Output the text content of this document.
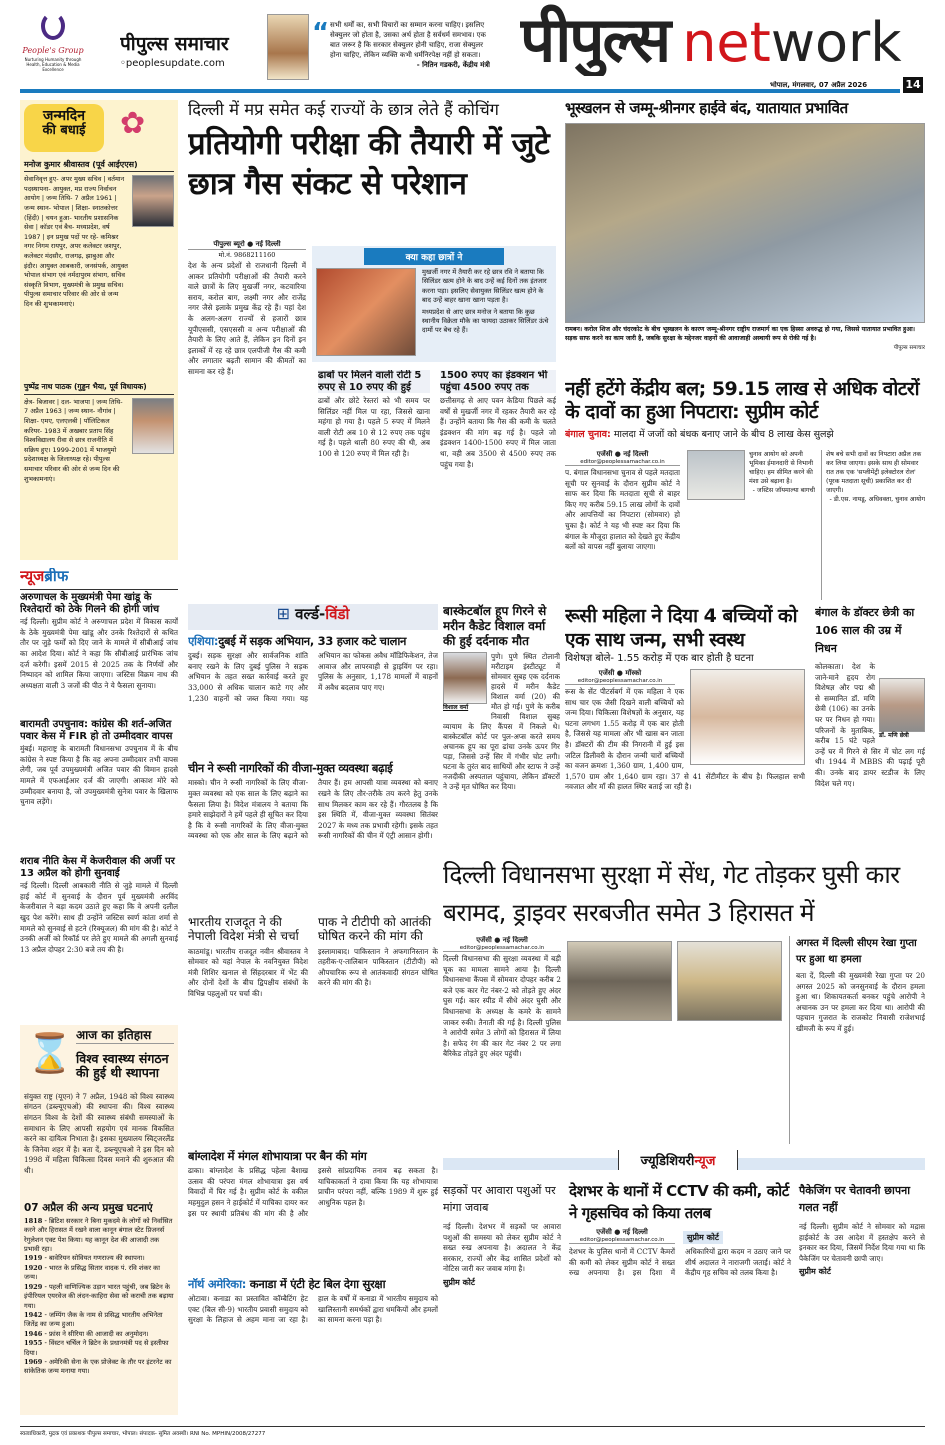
People's Group
Nurturing Humanity through Health, Education & Media Excellence
पीपुल्स समाचार
◦peoplesupdate.com
“ सभी धर्मों का, सभी विचारों का सम्मान करना चाहिए। इसलिए सेक्युलर जो होता है, उसका अर्थ होता है सर्वधर्म समभाव। एक बात जरूर है कि सरकार सेक्युलर होनी चाहिए, राजा सेक्युलर होना चाहिए, लेकिन व्यक्ति कभी धर्मनिरपेक्ष नहीं हो सकता।
- नितिन गडकरी, केंद्रीय मंत्री पीपुल्स network
भोपाल, मंगलवार, 07 अप्रैल 2026	14
जन्मदिन
की बधाई	✿
मनोज कुमार श्रीवास्तव (पूर्व आईएएस)
सेवानिवृत्त हुए- अपर मुख्य सचिव | वर्तमान पदस्थापना- आयुक्त, मप्र राज्य निर्वाचन आयोग | जन्म तिथि- 7 अप्रैल 1961 | जन्म स्थान- भोपाल | शिक्षा- स्नातकोत्तर (हिंदी) | चयन हुआ- भारतीय प्रशासनिक सेवा | कॉडर एवं बैच- मध्यप्रदेश, वर्ष 1987 | इन प्रमुख पदों पर रहे- कमिश्नर नगर निगम रायपुर, अपर कलेक्टर जशपुर, कलेक्टर मंदसौर, राजगढ़, झाबुआ और इंदौर। आयुक्त आबकारी, जनसंपर्क, आयुक्त भोपाल संभाग एवं नर्मदापुरम संभाग, सचिव संस्कृति विभाग, मुख्यमंत्री के प्रमुख सचिव। पीपुल्स समाचार परिवार की ओर से जन्म दिन की शुभकामनाएं।
पुष्पेंद्र नाथ पाठक (गुड्डन भैया, पूर्व विधायक)
क्षेत्र- बिजावर | दल- भाजपा | जन्म तिथि- 7 अप्रैल 1963 | जन्म स्थान- नौगांव | शिक्षा- एमए, एलएलबी | पॉलिटिकल करियर- 1983 में अखबार प्रताप सिंह विश्वविद्यालय रीवा से छात्र राजनीति में सक्रिय हुए। 1999-2001 में भाजयुमो प्रदेशाध्यक्ष के जिलाध्यक्ष रहे। पीपुल्स समाचार परिवार की ओर से जन्म दिन की शुभकामनाएं।
न्यूजब्रीफ
अरुणाचल के मुख्यमंत्री पेमा खांडू के रिश्तेदारों को ठेके गिलने की होगी जांच
नई दिल्ली। सुप्रीम कोर्ट ने अरुणाचल प्रदेश में विकास कार्यों के ठेके मुख्यमंत्री पेमा खांडू और उनके रिश्तेदारों से कथित तौर पर जुड़े फर्मों को दिए जाने के मामले में सीबीआई जांच का आदेश दिया। कोर्ट ने कहा कि सीबीआई प्रारंभिक जांच दर्ज करेगी। इसमें 2015 से 2025 तक के निर्णयों और निष्पादन को शामिल किया जाएगा। जस्टिस विक्रम नाथ की अध्यक्षता वाली 3 जजों की पीठ ने ये फैसला सुनाया।
बारामती उपचुनाव: कांग्रेस की शर्त-अजित पवार केस में FIR हो तो उम्मीदवार वापस
मुंबई। महाराष्ट्र के बारामती विधानसभा उपचुनाव में के बीच कांग्रेस ने स्पष्ट किया है कि वह अपना उम्मीदवार तभी वापस लेगी, जब पूर्व उपमुख्यमंत्री अजित पवार की विमान हादसे मामले में एफआईआर दर्ज की जाएगी। आकाश मोरे को उम्मीदवार बनाया है, जो उपमुख्यमंत्री सुनेत्रा पवार के खिलाफ चुनाव लड़ेंगे।
शराब नीति केस में केजरीवाल की अर्जी पर 13 अप्रैल को होगी सुनवाई
नई दिल्ली। दिल्ली आबकारी नीति से जुड़े मामले में दिल्ली हाई कोर्ट में सुनवाई के दौरान पूर्व मुख्यमंत्री अरविंद केजरीवाल ने बड़ा कदम उठाते हुए कहा कि वे अपनी दलील खुद पेश करेंगे। साथ ही उन्होंने जस्टिस स्वर्ण कांता शर्मा से मामले को सुनवाई से हटने (रिक्यूजल) की मांग की है। कोर्ट ने उनकी अर्जी को रिकॉर्ड पर लेते हुए मामले की अगली सुनवाई 13 अप्रैल दोपहर 2:30 बजे तय की है।
⌛ आज का इतिहास
विश्व स्वास्थ्य संगठन की हुई थी स्थापना
संयुक्त राष्ट्र (यूएन) ने 7 अप्रैल, 1948 को विश्व स्वास्थ्य संगठन (डब्ल्यूएचओ) की स्थापना की। विश्व स्वास्थ्य संगठन विश्व के देशों की स्वास्थ्य संबंधी समस्याओं के समाधान के लिए आपसी सहयोग एवं मानक विकसित करने का दायित्व निभाता है। इसका मुख्यालय स्विट्जरलैंड के जिनेवा शहर में है। बता दें, डब्ल्यूएचओ ने इस दिन को 1998 में महिला चिकित्सा दिवस मनाने की शुरुआत की थी।
07 अप्रैल की अन्य प्रमुख घटनाएं
1818 - ब्रिटिश सरकार ने बिना मुकदमे के लोगों को निर्वासित करने और हिरासत में रखने वाला कानून बंगाल स्टेट प्रिजनर्स रेगुलेशन एक्ट पेश किया। यह कानून देश की आजादी तक प्रभावी रहा।
1919 - बावेरियन सोवियत गणराज्य की स्थापना।
1920 - भारत के प्रसिद्ध सितार वादक पं. रवि शंकर का जन्म।
1929 - पहली वाणिज्यिक उड़ान भारत पहुंची, जब ब्रिटेन के इंपीरियल एयरवेज की लंदन-काहिरा सेवा को कराची तक बढ़ाया गया।
1942 - जम्पिंग जैक के नाम से प्रसिद्ध भारतीय अभिनेता जितेंद्र का जन्म हुआ।
1946 - फ्रांस ने सीरिया की आजादी का अनुमोदन।
1955 - विंस्टन चर्चिल ने ब्रिटेन के प्रधानमंत्री पद से इस्तीफा दिया।
1969 - अमेरिकी सेना के एक प्रोजेक्ट के तौर पर इंटरनेट का सांकेतिक जन्म मनाया गया।
दिल्ली में मप्र समेत कई राज्यों के छात्र लेते हैं कोचिंग
प्रतियोगी परीक्षा की तैयारी में जुटे छात्र गैस संकट से परेशान
पीपुल्स ब्यूरो ● नई दिल्ली
मो.नं. 9868211160
देश के अन्य प्रदेशों से राजधानी दिल्ली में आकर प्रतियोगी परीक्षाओं की तैयारी करने वाले छात्रों के लिए मुखर्जी नगर, कटवारिया सराय, करोल बाग, लक्ष्मी नगर और राजेंद्र नगर जैसे इलाके प्रमुख केंद्र रहे हैं। यहां देश के अलग-अलग राज्यों से हजारों छात्र यूपीएससी, एसएससी व अन्य परीक्षाओं की तैयारी के लिए आते हैं, लेकिन इन दिनों इन इलाकों में रह रहे छात्र एलपीजी गैस की कमी और लगातार बढ़ती सामान की कीमतों का सामना कर रहे हैं।
क्या कहा छात्रों ने
मुखर्जी नगर में तैयारी कर रहे छात्र रवि ने बताया कि सिलिंडर खत्म होने के बाद उन्हें कई दिनों तक इंतजार करना पड़ा। इसलिए सेवायुक्त सिलिंडर खत्म होने के बाद उन्हें बाहर खाना खाना पड़ता है।
मध्यप्रदेश से आए छात्र मनोज ने बताया कि कुछ स्थानीय विक्रेता मौके का फायदा उठाकर सिलिंडर ऊंचे दामों पर बेच रहे हैं।
ढाबों पर मिलने वाली रोटी 5 रुपए से 10 रुपए की हुई
ढाबों और छोटे रेस्तरां को भी समय पर सिलिंडर नहीं मिल पा रहा, जिससे खाना महंगा हो गया है। पहले 5 रुपए में मिलने वाली रोटी अब 10 से 12 रुपए तक पहुंच गई है। पहले थाली 80 रुपए की थी, अब 100 से 120 रुपए में मिल रही है।
1500 रुपए का इंडक्शन भी पहुंचा 4500 रुपए तक
छत्तीसगढ़ से आए पवन केडिया पिछले कई वर्षों से मुखर्जी नगर में रहकर तैयारी कर रहे हैं। उन्होंने बताया कि गैस की कमी के चलते इंडक्शन की मांग बढ़ गई है। पहले जो इंडक्शन 1400-1500 रुपए में मिल जाता था, वही अब 3500 से 4500 रुपए तक पहुंच गया है।
भूस्खलन से जम्मू-श्रीनगर हाईवे बंद, यातायात प्रभावित
रामबन। करोल शिज और चंदरकोट के बीच भूस्खलन के कारण जम्मू-श्रीनगर राष्ट्रीय राजमार्ग का एक हिस्सा अवरुद्ध हो गया, जिससे यातायात प्रभावित हुआ। सड़क साफ करने का काम जारी है, जबकि सुरक्षा के मद्देनजर वाहनों की आवाजाही अस्थायी रूप से रोकी गई है।
पीपुल्स समाचार
नहीं हटेंगे केंद्रीय बल; 59.15 लाख से अधिक वोटरों के दावों का हुआ निपटारा: सुप्रीम कोर्ट
बंगाल चुनाव: मालदा में जजों को बंधक बनाए जाने के बीच 8 लाख केस सुलझे
एजेंसी ● नई दिल्ली
editor@peoplessamachar.co.in
प. बंगाल विधानसभा चुनाव से पहले मतदाता सूची पर सुनवाई के दौरान सुप्रीम कोर्ट ने साफ कर दिया कि मतदाता सूची से बाहर किए गए करीब 59.15 लाख लोगों के दावों और आपत्तियों का निपटारा (सोमवार) हो चुका है। कोर्ट ने यह भी स्पष्ट कर दिया कि बंगाल के मौजूदा हालात को देखते हुए केंद्रीय बलों को वापस नहीं बुलाया जाएगा।
चुनाव आयोग को अपनी भूमिका ईमानदारी से निभानी चाहिए। हम सीमित करने की मंशा उसे बढ़ाना है।
- जस्टिस जॉयमाल्या बागची
शेष बचे सभी दावों का निपटारा अप्रैल तक कर लिया जाएगा। इसके साथ ही सोमवार रात तक एक 'सप्लीमेंट्री इलेक्टोरल रोल' (पूरक मतदाता सूची) प्रकाशित कर दी जाएगी।
- डी.एस. नायडू, अधिवक्ता, चुनाव आयोग
⊞ वर्ल्ड-विंडो
एशिया:दुबई में सड़क अभियान, 33 हजार कटे चालान
दुबई। सड़क सुरक्षा और सार्वजनिक शांति बनाए रखने के लिए दुबई पुलिस ने सड़क अभियान के तहत सख्त कार्रवाई करते हुए 33,000 से अधिक चालान काटे गए और 1,230 वाहनों को जब्त किया गया। यह अभियान का फोकस अवैध मॉडिफिकेशन, तेज आवाज और लापरवाही से ड्राइविंग पर रहा। पुलिस के अनुसार, 1,178 मामलों में वाहनों में अवैध बदलाव पाए गए।
चीन ने रूसी नागरिकों की वीजा-मुक्त व्यवस्था बढ़ाई
मास्को। चीन ने रूसी नागरिकों के लिए वीजा-मुक्त व्यवस्था को एक साल के लिए बढ़ाने का फैसला लिया है। विदेश मंत्रालय ने बताया कि हमारे साझेदारों ने हमें पहले ही सूचित कर दिया है कि वे रूसी नागरिकों के लिए वीजा-मुक्त व्यवस्था को एक और साल के लिए बढ़ाने को तैयार हैं। हम आपसी यात्रा व्यवस्था को बनाए रखने के लिए तौर-तरीके तय करने हेतु उनके साथ मिलकर काम कर रहे हैं। गौरतलब है कि इस स्थिति में, वीजा-मुक्त व्यवस्था सितंबर 2027 के मध्य तक प्रभावी रहेगी। इसके तहत रूसी नागरिकों की चीन में एंट्री आसान होगी।
भारतीय राजदूत ने की नेपाली विदेश मंत्री से चर्चा
काठमांडू। भारतीय राजदूत नवीन श्रीवास्तव ने सोमवार को यहां नेपाल के नवनियुक्त विदेश मंत्री शिशिर खनाल से सिंहदरबार में भेंट की और दोनों देशों के बीच द्विपक्षीय संबंधों के विभिन्न पहलुओं पर चर्चा की।
पाक ने टीटीपी को आतंकी घोषित करने की मांग की
इस्लामाबाद। पाकिस्तान ने अफगानिस्तान के तहरीक-ए-तालिबान पाकिस्तान (टीटीपी) को औपचारिक रूप से आतंकवादी संगठन घोषित करने की मांग की है।
बास्केटबॉल हूप गिरने से मरीन कैडेट विशाल वर्मा की हुई दर्दनाक मौत
विशाल वर्मा
पुणे। पुणे स्थित टोलानी मरीटाइम इंस्टीट्यूट में सोमवार सुबह एक दर्दनाक हादसे में मरीन कैडेट विशाल वर्मा (20) की मौत हो गई। पुणे के करीब निवासी विशाल सुबह व्यायाम के लिए कैंपस में निकले थे। बास्केटबॉल कोर्ट पर पुल-अप्स करते समय अचानक हूप का पूरा ढांचा उनके ऊपर गिर पड़ा, जिससे उन्हें सिर में गंभीर चोट लगी। घटना के तुरंत बाद साथियों और स्टाफ ने उन्हें नजदीकी अस्पताल पहुंचाया, लेकिन डॉक्टरों ने उन्हें मृत घोषित कर दिया।
रूसी महिला ने दिया 4 बच्चियों को एक साथ जन्म, सभी स्वस्थ
विशेषज्ञ बोले- 1.55 करोड़ में एक बार होती है घटना
एजेंसी ● मॉस्को
editor@peoplessamachar.co.in
रूस के सेंट पीटर्सबर्ग में एक महिला ने एक साथ चार एक जैसी दिखने वाली बच्चियों को जन्म दिया। चिकित्सा विशेषज्ञों के अनुसार, यह घटना लगभग 1.55 करोड़ में एक बार होती है, जिससे यह मामला और भी खास बन जाता है। डॉक्टरों की टीम की निगरानी में हुई इस जटिल डिलीवरी के दौरान जन्मी चारों बच्चियों का वजन क्रमशः 1,360 ग्राम, 1,400 ग्राम, 1,570 ग्राम और 1,640 ग्राम रहा। 37 से 41 सेंटीमीटर के बीच है। फिलहाल सभी नवजात और माँ की हालत स्थिर बताई जा रही है।
बंगाल के डॉक्टर छेत्री का 106 साल की उम्र में निधन
डॉ. मणि छेत्री
कोलकाता। देश के जाने-माने हृदय रोग विशेषज्ञ और पद्म श्री से सम्मानित डॉ. मणि छेत्री (106) का उनके घर पर निधन हो गया। परिजनों के मुताबिक, करीब 15 घंटे पहले उन्हें घर में गिरने से सिर में चोट लग गई थी। 1944 में MBBS की पढ़ाई पूरी की। उनके बाद डायर स्टडीज के लिए विदेश चले गए।
दिल्ली विधानसभा सुरक्षा में सेंध, गेट तोड़कर घुसी कार बरामद, ड्राइवर सरबजीत समेत 3 हिरासत में
एजेंसी ● नई दिल्ली
editor@peoplessamachar.co.in
दिल्ली विधानसभा की सुरक्षा व्यवस्था में बड़ी चूक का मामला सामने आया है। दिल्ली विधानसभा कैंपस में सोमवार दोपहर करीब 2 बजे एक कार गेट नंबर-2 को तोड़ते हुए अंदर घुस गई। कार स्पीड में सीधे अंदर घुसी और विधानसभा के अध्यक्ष के कमरे के सामने जाकर रुकी। तैनाती की गई है। दिल्ली पुलिस ने आरोपी समेत 3 लोगों को हिरासत में लिया है। सफेद रंग की कार गेट नंबर 2 पर लगा बैरिकेड तोड़ते हुए अंदर पहुंची।
अगस्त में दिल्ली सीएम रेखा गुप्ता पर हुआ था हमला
बता दें, दिल्ली की मुख्यमंत्री रेखा गुप्ता पर 20 अगस्त 2025 को जनसुनवाई के दौरान हमला हुआ था। शिकायतकर्ता बनकर पहुंचे आरोपी ने अचानक उन पर हमला कर दिया था। आरोपी की पहचान गुजरात के राजकोट निवासी राजेशभाई खीमजी के रूप में हुई।
बांग्लादेश में मंगल शोभायात्रा पर बैन की मांग
ढाका। बांग्लादेश के प्रसिद्ध पहेला बैशाख उत्सव की परंपरा मंगल शोभायात्रा इस वर्ष विवादों में घिर गई है। सुप्रीम कोर्ट के वकील महमुदुल हसन ने हाईकोर्ट में याचिका दायर कर इस पर स्थायी प्रतिबंध की मांग की है और इससे सांप्रदायिक तनाव बढ़ सकता है। याचिकाकर्ता ने दावा किया कि यह शोभायात्रा प्राचीन परंपरा नहीं, बल्कि 1989 में शुरू हुई आधुनिक पहल है।
नॉर्थ अमेरिका: कनाडा में एंटी हेट बिल देगा सुरक्षा
ओटावा। कनाडा का प्रस्तावित कॉम्बैटिंग हेट एक्ट (बिल सी-9) भारतीय प्रवासी समुदाय को सुरक्षा के लिहाज से अहम माना जा रहा है। हाल के वर्षों में कनाडा में भारतीय समुदाय को खालिस्तानी समर्थकों द्वारा धमकियों और हमलों का सामना करना पड़ा है।
ज्यूडिशियरीन्यूज
सड़कों पर आवारा पशुओं पर मांगा जवाब
नई दिल्ली। देशभर में सड़कों पर आवारा पशुओं की समस्या को लेकर सुप्रीम कोर्ट ने सख्त रुख अपनाया है। अदालत ने केंद्र सरकार, राज्यों और केंद्र शासित प्रदेशों को नोटिस जारी कर जवाब मांगा है।
सुप्रीम कोर्ट
देशभर के थानों में CCTV की कमी, कोर्ट ने गृहसचिव को किया तलब
एजेंसी ● नई दिल्ली
editor@peoplessamachar.co.in	सुप्रीम कोर्ट
देशभर के पुलिस थानों में CCTV कैमरों की कमी को लेकर सुप्रीम कोर्ट ने सख्त रुख अपनाया है। इस दिशा में अधिकारियों द्वारा कदम न उठाए जाने पर शीर्ष अदालत ने नाराजगी जताई। कोर्ट ने केंद्रीय गृह सचिव को तलब किया है।
पैकेजिंग पर चेतावनी छापना गलत नहीं
नई दिल्ली। सुप्रीम कोर्ट ने सोमवार को मद्रास हाईकोर्ट के उस आदेश में हस्तक्षेप करने से इनकार कर दिया, जिसमें निर्देश दिया गया था कि पैकेजिंग पर चेतावनी छापी जाए।
सुप्रीम कोर्ट
स्वत्वाधिकारी, मुद्रक एवं प्रकाशक पीपुल्स समाचार, भोपाल। संपादक- सुमित अवस्थी। RNI No. MPHIN/2008/27277
